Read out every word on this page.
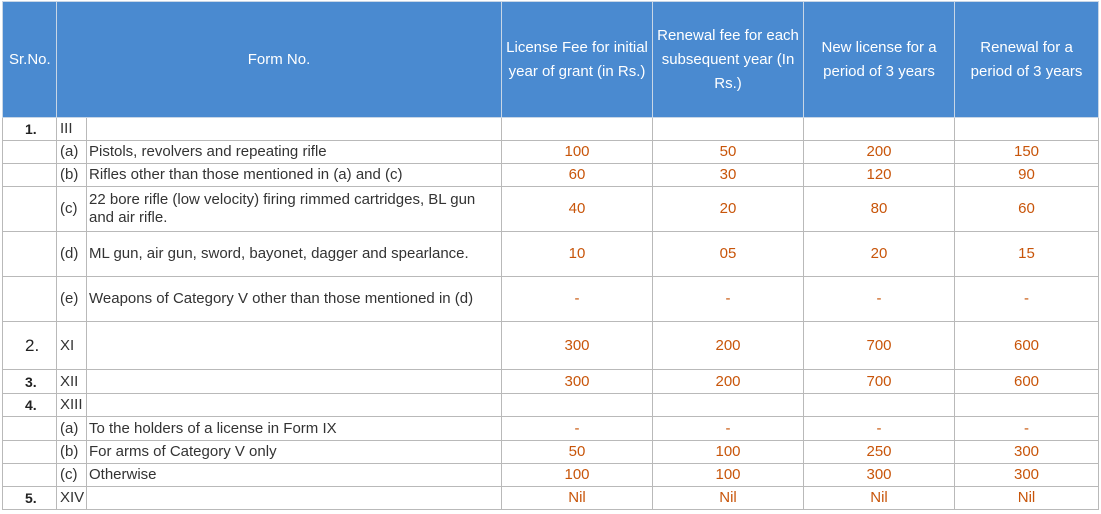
Sr.No.	Form No.		License Fee for initial year of grant (in Rs.)	Renewal fee for each subsequent year (In Rs.)	New license for a period of 3 years	Renewal for a period of 3 years
1.	III					
	(a)	Pistols, revolvers and repeating rifle	100	50	200	150
	(b)	Rifles other than those mentioned in (a) and (c)	60	30	120	90
	(c)	22 bore rifle (low velocity) firing rimmed cartridges, BL gun and air rifle.	40	20	80	60
	(d)	ML gun, air gun, sword, bayonet, dagger and spearlance.	10	05	20	15
	(e)	Weapons of Category V other than those mentioned in (d)	-	-	-	-
2.	XI		300	200	700	600
3.	XII		300	200	700	600
4.	XIII					
	(a)	To the holders of a license in Form IX	-	-	-	-
	(b)	For arms of Category V only	50	100	250	300
	(c)	Otherwise	100	100	300	300
5.	XIV		Nil	Nil	Nil	Nil
